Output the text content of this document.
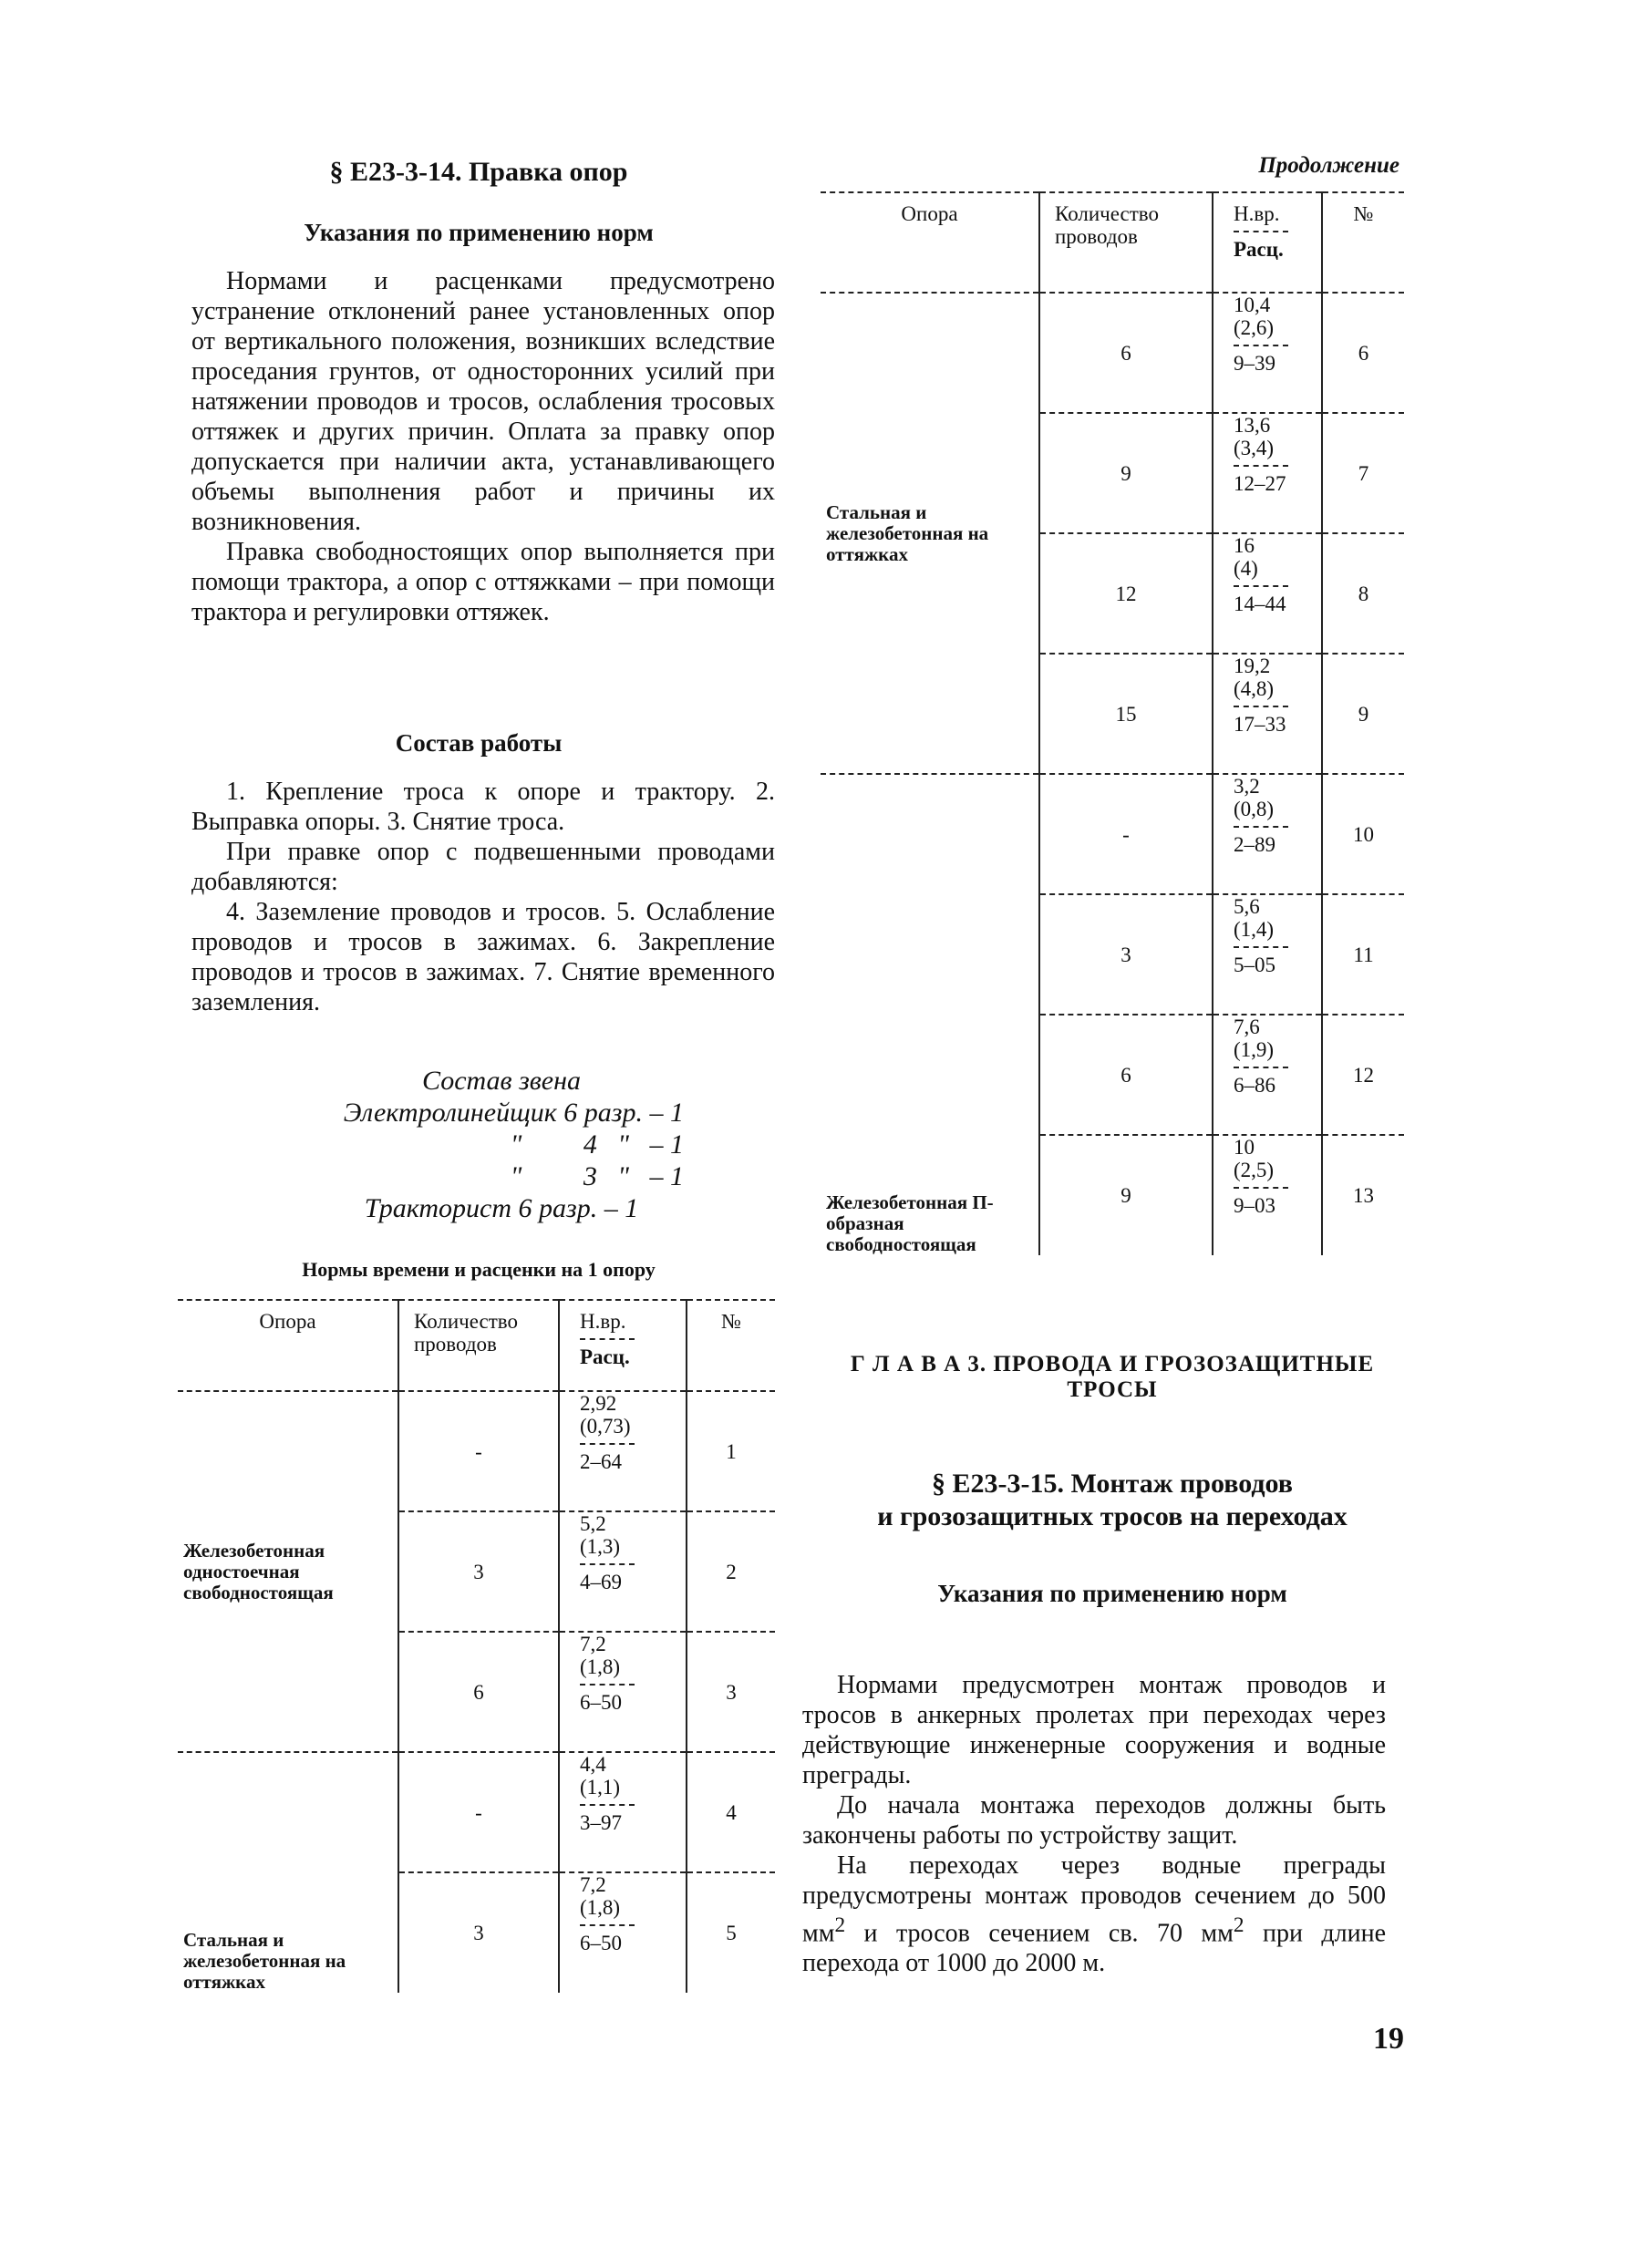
§ Е23-3-14. Правка опор
Указания по применению норм

Нормами и расценками предусмотрено устранение отклонений ранее установленных опор от вертикального положения, возникших вследствие проседания грунтов, от односторонних усилий при натяжении проводов и тросов, ослабления тросовых оттяжек и других причин. Оплата за правку опор допускается при наличии акта, устанавливающего объемы выполнения работ и причины их возникновения.

Правка свободностоящих опор выполняется при помощи трактора, а опор с оттяжками – при помощи трактора и регулировки оттяжек.

Состав работы

1. Крепление троса к опоре и трактору. 2. Выправка опоры. 3. Снятие троса.

При правке опор с подвешенными проводами добавляются:

4. Заземление проводов и тросов. 5. Ослабление проводов и тросов в зажимах. 6. Закрепление проводов и тросов в зажимах. 7. Снятие временного заземления.

Состав звена
Электролинейщик 6 разр. – 1
"         4   "   – 1
"         3   "   – 1
Тракторист 6 разр. – 1
Нормы времени и расценки на 1 опору
Опора	Количество проводов	Н.вр.
Расц.	№
Железобетонная одностоечная свободностоящая	-	2,92
(0,73)
2–64	1
	3	5,2
(1,3)
4–69	2
	6	7,2
(1,8)
6–50	3
Стальная и железобетонная на оттяжках	-	4,4
(1,1)
3–97	4
	3	7,2
(1,8)
6–50	5
Продолжение
Опора	Количество проводов	Н.вр.
Расц.	№
Стальная и железобетонная на оттяжках	6	10,4
(2,6)
9–39	6
	9	13,6
(3,4)
12–27	7
	12	16
(4)
14–44	8
	15	19,2
(4,8)
17–33	9
Железобетонная П-образная свободностоящая	-	3,2
(0,8)
2–89	10
	3	5,6
(1,4)
5–05	11
	6	7,6
(1,9)
6–86	12
	9	10
(2,5)
9–03	13
Г Л А В А 3. ПРОВОДА И ГРОЗОЗАЩИТНЫЕ
ТРОСЫ
§ Е23-3-15. Монтаж проводов
и грозозащитных тросов на переходах
Указания по применению норм

Нормами предусмотрен монтаж проводов и тросов в анкерных пролетах при переходах через действующие инженерные сооружения и водные преграды.

До начала монтажа переходов должны быть закончены работы по устройству защит.

На переходах через водные преграды предусмотрены монтаж проводов сечением до 500 $мм^2$ и тросов сечением св. 70 $мм^2$ при длине перехода от 1000 до 2000 м.

19
